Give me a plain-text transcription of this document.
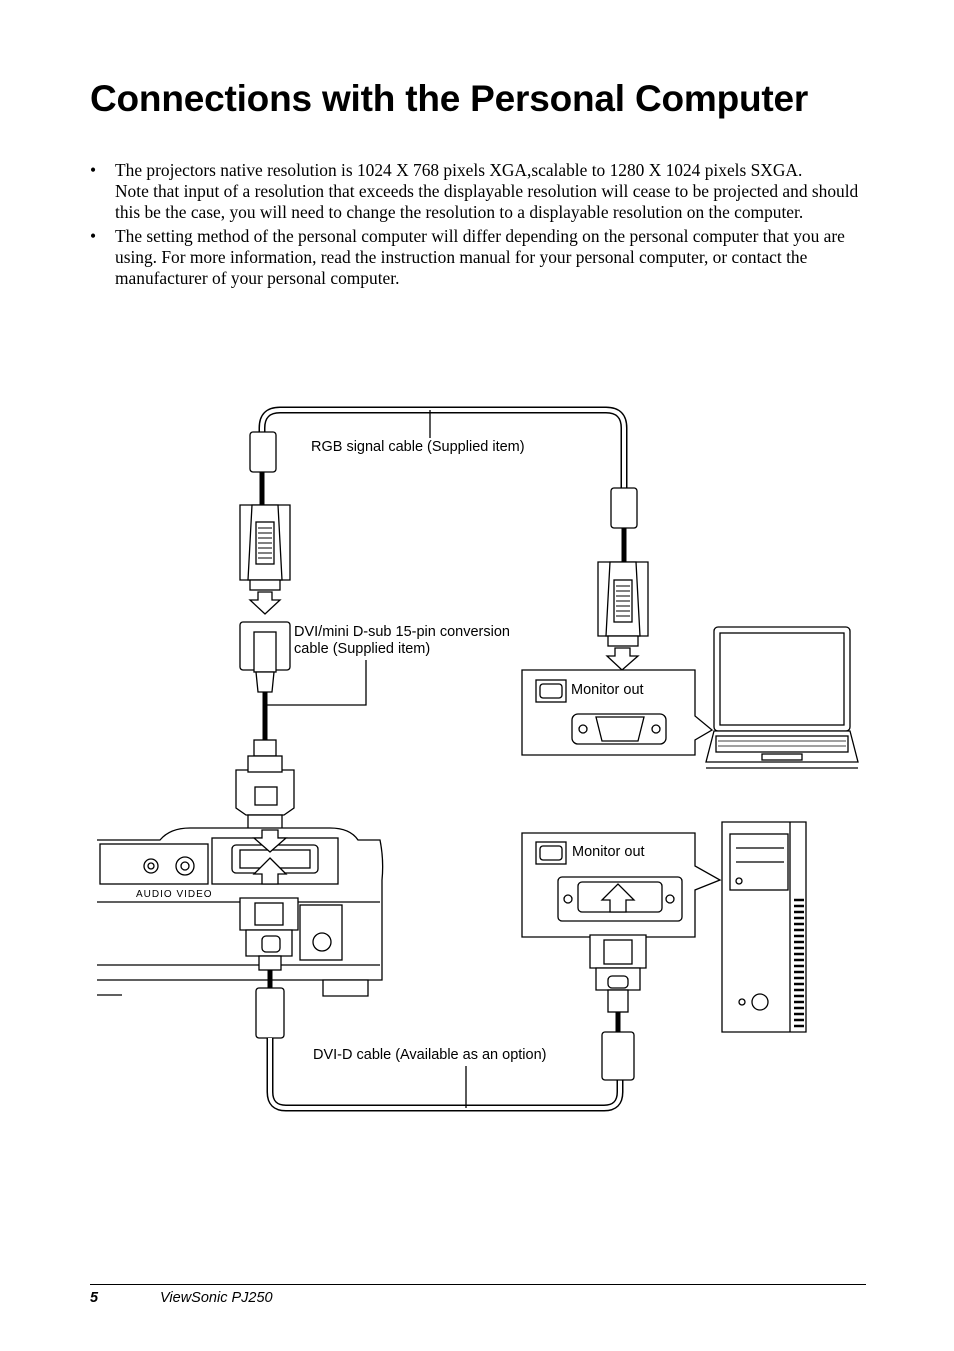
Connections with the Personal Computer
•	The projectors native resolution is 1024 X 768 pixels XGA,scalable to 1280 X 1024 pixels SXGA.
Note that input of a resolution that exceeds the displayable resolution will cease to be projected and should this be the case, you will need to change the resolution to a displayable resolution on the computer.
•	The setting method of the personal computer will differ depending on the personal computer that you are using. For more information, read the instruction manual for your personal computer, or contact the manufacturer of your personal computer.
RGB signal cable (Supplied item)
DVI/mini D-sub 15-pin conversion
cable (Supplied item)
Monitor out
Monitor out
DVI-D cable (Available as an option)
AUDIO VIDEO
5	ViewSonic PJ250
